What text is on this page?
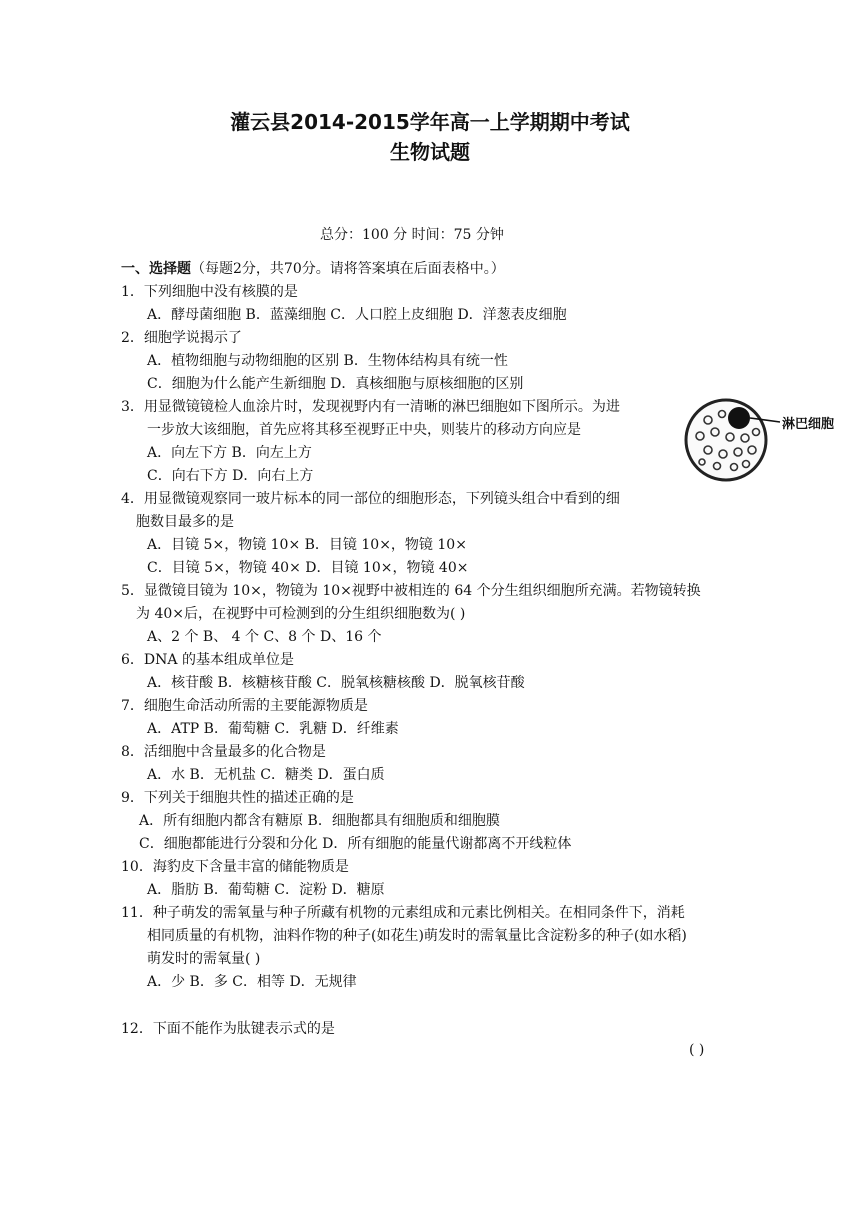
灌云县2014-2015学年高一上学期期中考试
生物试题
总分：100 分 时间：75 分钟
一、选择题（每题2分，共70分。请将答案填在后面表格中。）
1．下列细胞中没有核膜的是
A．酵母菌细胞 B．蓝藻细胞 C．人口腔上皮细胞 D．洋葱表皮细胞
2．细胞学说揭示了
A．植物细胞与动物细胞的区别 B．生物体结构具有统一性
C．细胞为什么能产生新细胞 D．真核细胞与原核细胞的区别
3．用显微镜镜检人血涂片时，发现视野内有一清晰的淋巴细胞如下图所示。为进
一步放大该细胞，首先应将其移至视野正中央，则装片的移动方向应是
A．向左下方 B．向左上方
C．向右下方 D．向右上方
淋巴细胞
4．用显微镜观察同一玻片标本的同一部位的细胞形态，下列镜头组合中看到的细
胞数目最多的是
A．目镜 5×，物镜 10× B．目镜 10×，物镜 10×
C．目镜 5×，物镜 40× D．目镜 10×，物镜 40×
5．显微镜目镜为 10×，物镜为 10×视野中被相连的 64 个分生组织细胞所充满。若物镜转换
为 40×后，在视野中可检测到的分生组织细胞数为( )
A、2 个 B、 4 个 C、8 个 D、16 个
6．DNA 的基本组成单位是
A．核苷酸 B．核糖核苷酸 C．脱氧核糖核酸 D．脱氧核苷酸
7．细胞生命活动所需的主要能源物质是
A．ATP B．葡萄糖 C．乳糖 D．纤维素
8．活细胞中含量最多的化合物是
A．水 B．无机盐 C．糖类 D．蛋白质
9．下列关于细胞共性的描述正确的是
A．所有细胞内都含有糖原 B．细胞都具有细胞质和细胞膜
C．细胞都能进行分裂和分化 D．所有细胞的能量代谢都离不开线粒体
10．海豹皮下含量丰富的储能物质是
A．脂肪 B．葡萄糖 C．淀粉 D．糖原
11．种子萌发的需氧量与种子所藏有机物的元素组成和元素比例相关。在相同条件下，消耗
相同质量的有机物，油料作物的种子(如花生)萌发时的需氧量比含淀粉多的种子(如水稻)
萌发时的需氧量( )
A．少 B．多 C．相等 D．无规律
12．下面不能作为肽键表示式的是
( )
